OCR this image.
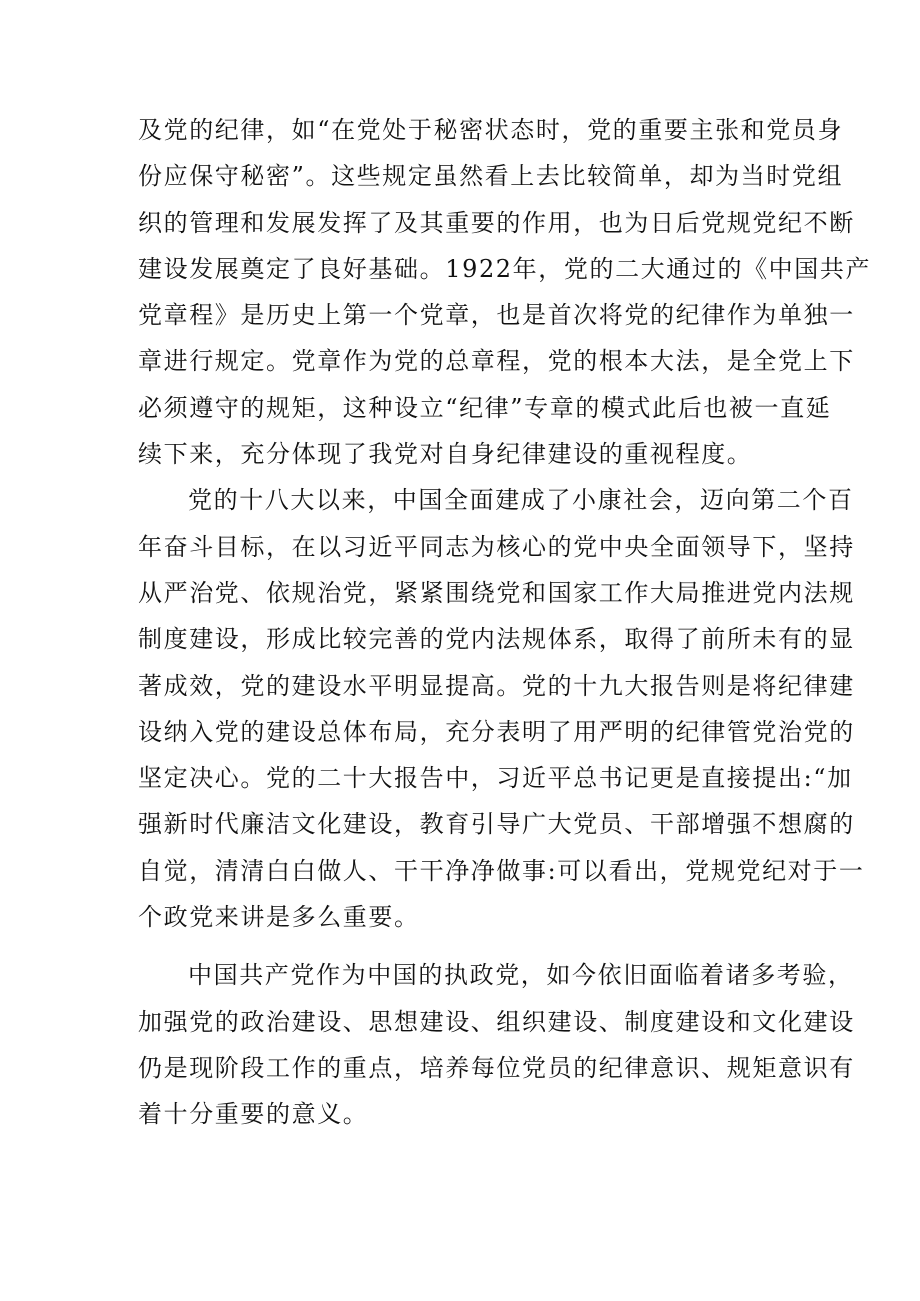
及党的纪律，如“在党处于秘密状态时，党的重要主张和党员身
份应保守秘密”。这些规定虽然看上去比较简单，却为当时党组
织的管理和发展发挥了及其重要的作用，也为日后党规党纪不断
建设发展奠定了良好基础。1922年，党的二大通过的《中国共产
党章程》是历史上第一个党章，也是首次将党的纪律作为单独一
章进行规定。党章作为党的总章程，党的根本大法，是全党上下
必须遵守的规矩，这种设立“纪律”专章的模式此后也被一直延
续下来，充分体现了我党对自身纪律建设的重视程度。
党的十八大以来，中国全面建成了小康社会，迈向第二个百
年奋斗目标，在以习近平同志为核心的党中央全面领导下，坚持
从严治党、依规治党，紧紧围绕党和国家工作大局推进党内法规
制度建设，形成比较完善的党内法规体系，取得了前所未有的显
著成效，党的建设水平明显提高。党的十九大报告则是将纪律建
设纳入党的建设总体布局，充分表明了用严明的纪律管党治党的
坚定决心。党的二十大报告中，习近平总书记更是直接提出:“加
强新时代廉洁文化建设，教育引导广大党员、干部增强不想腐的
自觉，清清白白做人、干干净净做事:可以看出，党规党纪对于一
个政党来讲是多么重要。
中国共产党作为中国的执政党，如今依旧面临着诸多考验，
加强党的政治建设、思想建设、组织建设、制度建设和文化建设
仍是现阶段工作的重点，培养每位党员的纪律意识、规矩意识有
着十分重要的意义。
